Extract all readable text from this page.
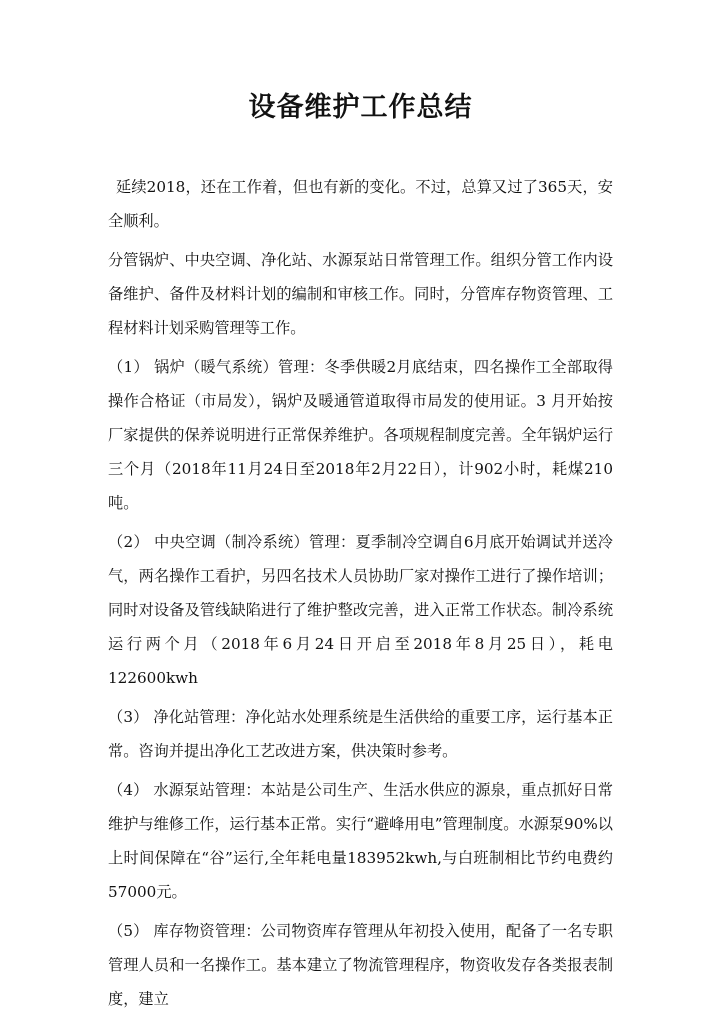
设备维护工作总结

延续2018，还在工作着，但也有新的变化。不过，总算又过了365天，安全顺利。

分管锅炉、中央空调、净化站、水源泵站日常管理工作。组织分管工作内设备维护、备件及材料计划的编制和审核工作。同时，分管库存物资管理、工程材料计划采购管理等工作。

（1） 锅炉（暖气系统）管理：冬季供暖2月底结束，四名操作工全部取得操作合格证（市局发），锅炉及暖通管道取得市局发的使用证。3 月开始按厂家提供的保养说明进行正常保养维护。各项规程制度完善。全年锅炉运行三个月（2018年11月24日至2018年2月22日），计902小时，耗煤210吨。

（2） 中央空调（制冷系统）管理：夏季制冷空调自6月底开始调试并送冷气，两名操作工看护，另四名技术人员协助厂家对操作工进行了操作培训；同时对设备及管线缺陷进行了维护整改完善，进入正常工作状态。制冷系统运行两个月（2018年6月24日开启至2018年8月25日），耗电122600kwh

（3） 净化站管理：净化站水处理系统是生活供给的重要工序，运行基本正常。咨询并提出净化工艺改进方案，供决策时参考。

（4） 水源泵站管理：本站是公司生产、生活水供应的源泉，重点抓好日常维护与维修工作，运行基本正常。实行“避峰用电”管理制度。水源泵90%以上时间保障在“谷”运行,全年耗电量183952kwh,与白班制相比节约电费约57000元。

（5） 库存物资管理：公司物资库存管理从年初投入使用，配备了一名专职管理人员和一名操作工。基本建立了物流管理程序，物资收发存各类报表制度，建立
